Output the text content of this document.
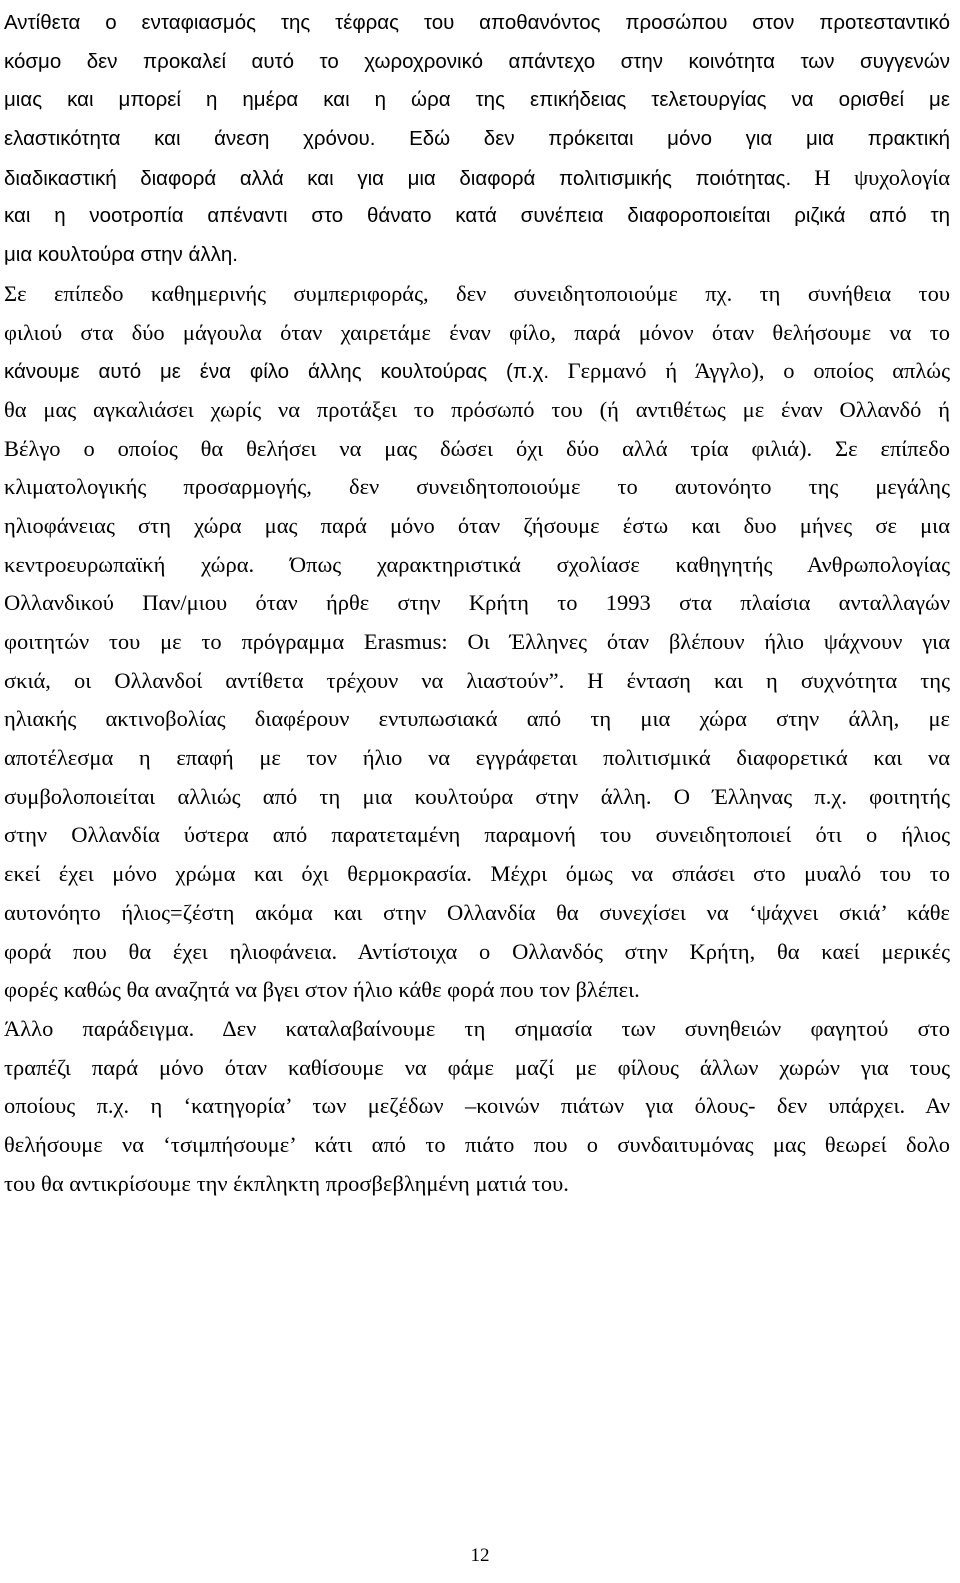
Αντίθετα ο ενταφιασμός της τέφρας του αποθανόντος προσώπου στον προτεσταντικό
κόσμο δεν προκαλεί αυτό το χωροχρονικό απάντεχο στην κοινότητα των συγγενών
μιας και μπορεί η ημέρα και η ώρα της επικήδειας τελετουργίας να ορισθεί με
ελαστικότητα και άνεση χρόνου. Εδώ δεν πρόκειται μόνο για μια πρακτική
διαδικαστική διαφορά αλλά και για μια διαφορά πολιτισμικής ποιότητας. Η ψυχολογία
και η νοοτροπία απέναντι στο θάνατο κατά συνέπεια διαφοροποιείται ριζικά από τη
μια κουλτούρα στην άλλη.
Σε επίπεδο καθημερινής συμπεριφοράς, δεν συνειδητοποιούμε πχ. τη συνήθεια του
φιλιού στα δύο μάγουλα όταν χαιρετάμε έναν φίλο, παρά μόνον όταν θελήσουμε να το
κάνουμε αυτό με ένα φίλο άλλης κουλτούρας (π.χ. Γερμανό ή Άγγλο), ο οποίος απλώς
θα μας αγκαλιάσει χωρίς να προτάξει το πρόσωπό του (ή αντιθέτως με έναν Ολλανδό ή
Βέλγο ο οποίος θα θελήσει να μας δώσει όχι δύο αλλά τρία φιλιά). Σε επίπεδο
κλιματολογικής προσαρμογής, δεν συνειδητοποιούμε το αυτονόητο της μεγάλης
ηλιοφάνειας στη χώρα μας παρά μόνο όταν ζήσουμε έστω και δυο μήνες σε μια
κεντροευρωπαϊκή χώρα. Όπως χαρακτηριστικά σχολίασε καθηγητής Ανθρωπολογίας
Ολλανδικού Παν/μιου όταν ήρθε στην Κρήτη το 1993 στα πλαίσια ανταλλαγών
φοιτητών του με το πρόγραμμα Erasmus: Οι Έλληνες όταν βλέπουν ήλιο ψάχνουν για
σκιά, οι Ολλανδοί αντίθετα τρέχουν να λιαστούν”. Η ένταση και η συχνότητα της
ηλιακής ακτινοβολίας διαφέρουν εντυπωσιακά από τη μια χώρα στην άλλη, με
αποτέλεσμα η επαφή με τον ήλιο να εγγράφεται πολιτισμικά διαφορετικά και να
συμβολοποιείται αλλιώς από τη μια κουλτούρα στην άλλη. Ο Έλληνας π.χ. φοιτητής
στην Ολλανδία ύστερα από παρατεταμένη παραμονή του συνειδητοποιεί ότι ο ήλιος
εκεί έχει μόνο χρώμα και όχι θερμοκρασία. Μέχρι όμως να σπάσει στο μυαλό του το
αυτονόητο ήλιος=ζέστη ακόμα και στην Ολλανδία θα συνεχίσει να ‘ψάχνει σκιά’ κάθε
φορά που θα έχει ηλιοφάνεια. Αντίστοιχα ο Ολλανδός στην Κρήτη, θα καεί μερικές
φορές καθώς θα αναζητά να βγει στον ήλιο κάθε φορά που τον βλέπει.
Άλλο παράδειγμα. Δεν καταλαβαίνουμε τη σημασία των συνηθειών φαγητού στο
τραπέζι παρά μόνο όταν καθίσουμε να φάμε μαζί με φίλους άλλων χωρών για τους
οποίους π.χ. η ‘κατηγορία’ των μεζέδων –κοινών πιάτων για όλους- δεν υπάρχει. Αν
θελήσουμε να ‘τσιμπήσουμε’ κάτι από το πιάτο που ο συνδαιτυμόνας μας θεωρεί δολο
του θα αντικρίσουμε την έκπληκτη προσβεβλημένη ματιά του.
12
